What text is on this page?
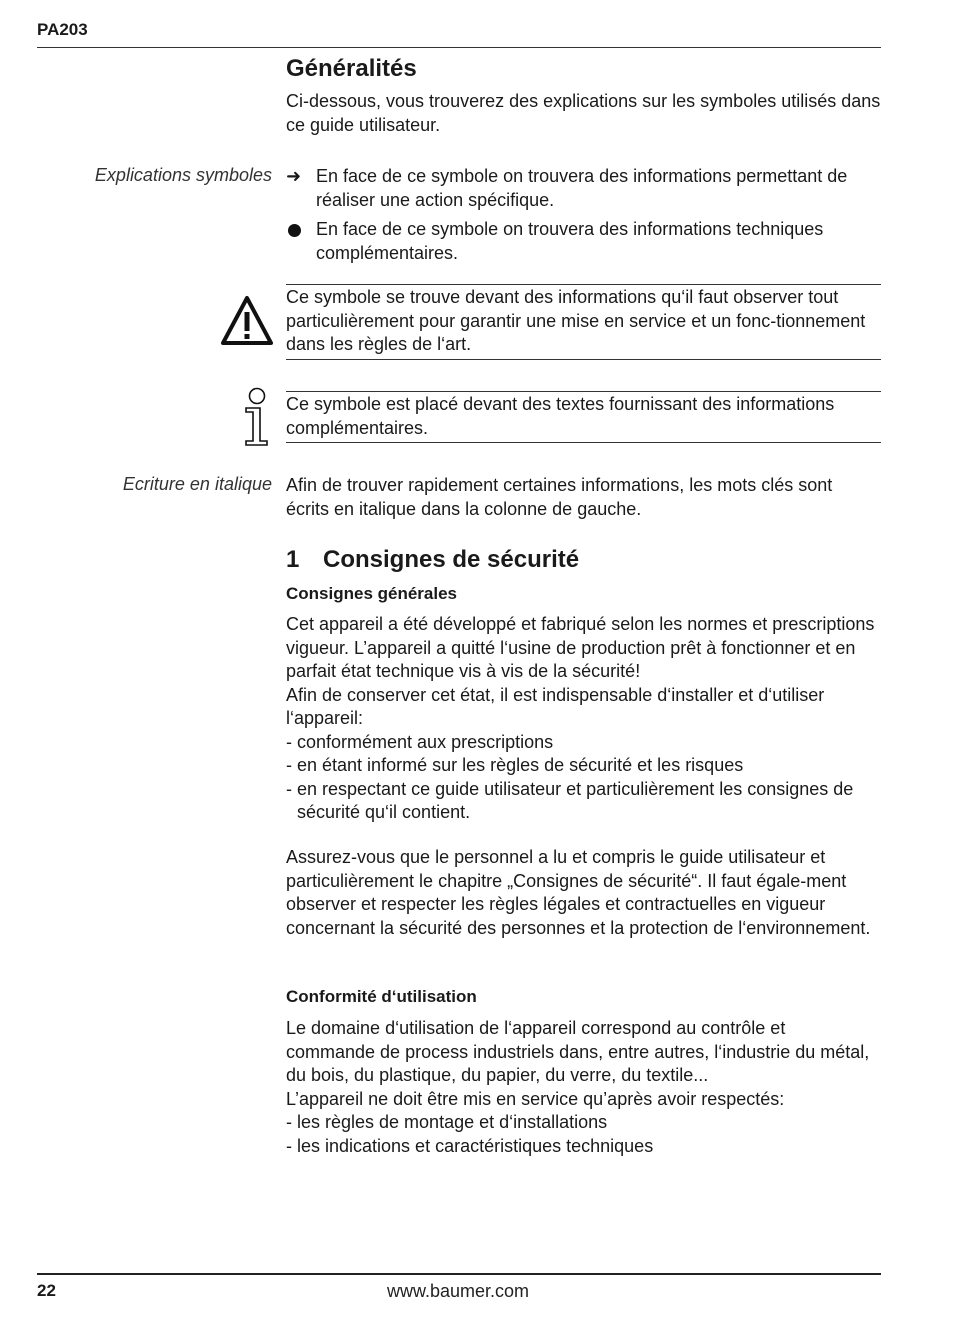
PA203
Généralités
Ci-dessous, vous trouverez des explications sur les symboles utilisés dans ce guide utilisateur.
Explications symboles ➜ En face de ce symbole on trouvera des informations permettant de réaliser une action spécifique.
En face de ce symbole on trouvera des informations techniques complémentaires.
Ce symbole se trouve devant des informations qu‘il faut observer tout particulièrement pour garantir une mise en service et un fonc-tionnement dans les règles de l‘art.
Ce symbole est placé devant des textes fournissant des informations complémentaires.
Ecriture en italique Afin de trouver rapidement certaines informations, les mots clés sont écrits en italique dans la colonne de gauche.
1 Consignes de sécurité
Consignes générales
Cet appareil a été développé et fabriqué selon les normes et prescriptions vigueur. L’appareil a quitté l‘usine de production prêt à fonctionner et en parfait état technique vis à vis de la sécurité!
Afin de conserver cet état, il est indispensable d‘installer et d‘utiliser l‘appareil:
- conformément aux prescriptions
- en étant informé sur les règles de sécurité et les risques
- en respectant ce guide utilisateur et particulièrement les consignes de sécurité qu‘il contient.
Assurez-vous que le personnel a lu et compris le guide utilisateur et particulièrement le chapitre „Consignes de sécurité“. Il faut égale-ment observer et respecter les règles légales et contractuelles en vigueur concernant la sécurité des personnes et la protection de l‘environnement.
Conformité d‘utilisation
Le domaine d‘utilisation de l‘appareil correspond au contrôle et commande de process industriels dans, entre autres, l‘industrie du métal, du bois, du plastique, du papier, du verre, du textile...
L’appareil ne doit être mis en service qu’après avoir respectés:
- les règles de montage et d‘installations
- les indications et caractéristiques techniques
22	www.baumer.com
